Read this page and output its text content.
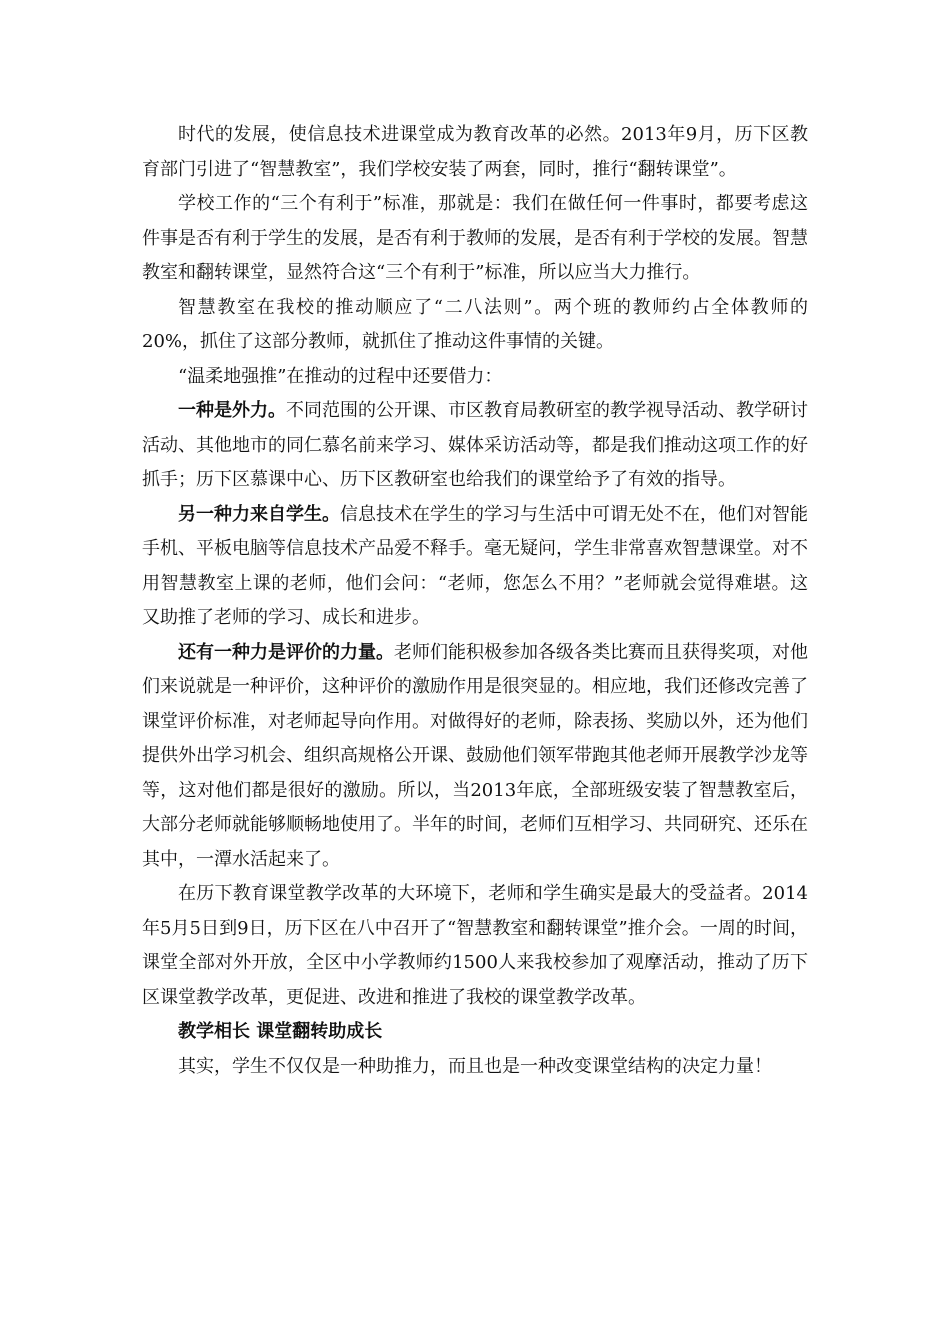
时代的发展，使信息技术进课堂成为教育改革的必然。2013年9月，历下区教育部门引进了“智慧教室”，我们学校安装了两套，同时，推行“翻转课堂”。

学校工作的“三个有利于”标准，那就是：我们在做任何一件事时，都要考虑这件事是否有利于学生的发展，是否有利于教师的发展，是否有利于学校的发展。智慧教室和翻转课堂，显然符合这“三个有利于”标准，所以应当大力推行。

智慧教室在我校的推动顺应了“二八法则”。两个班的教师约占全体教师的20%，抓住了这部分教师，就抓住了推动这件事情的关键。

“温柔地强推”在推动的过程中还要借力：

一种是外力。不同范围的公开课、市区教育局教研室的教学视导活动、教学研讨活动、其他地市的同仁慕名前来学习、媒体采访活动等，都是我们推动这项工作的好抓手；历下区慕课中心、历下区教研室也给我们的课堂给予了有效的指导。

另一种力来自学生。信息技术在学生的学习与生活中可谓无处不在，他们对智能手机、平板电脑等信息技术产品爱不释手。毫无疑问，学生非常喜欢智慧课堂。对不用智慧教室上课的老师，他们会问：“老师，您怎么不用？”老师就会觉得难堪。这又助推了老师的学习、成长和进步。

还有一种力是评价的力量。老师们能积极参加各级各类比赛而且获得奖项，对他们来说就是一种评价，这种评价的激励作用是很突显的。相应地，我们还修改完善了课堂评价标准，对老师起导向作用。对做得好的老师，除表扬、奖励以外，还为他们提供外出学习机会、组织高规格公开课、鼓励他们领军带跑其他老师开展教学沙龙等等，这对他们都是很好的激励。所以，当2013年底，全部班级安装了智慧教室后，大部分老师就能够顺畅地使用了。半年的时间，老师们互相学习、共同研究、还乐在其中，一潭水活起来了。

在历下教育课堂教学改革的大环境下，老师和学生确实是最大的受益者。2014年5月5日到9日，历下区在八中召开了“智慧教室和翻转课堂”推介会。一周的时间，课堂全部对外开放，全区中小学教师约1500人来我校参加了观摩活动，推动了历下区课堂教学改革，更促进、改进和推进了我校的课堂教学改革。

教学相长 课堂翻转助成长

其实，学生不仅仅是一种助推力，而且也是一种改变课堂结构的决定力量！
